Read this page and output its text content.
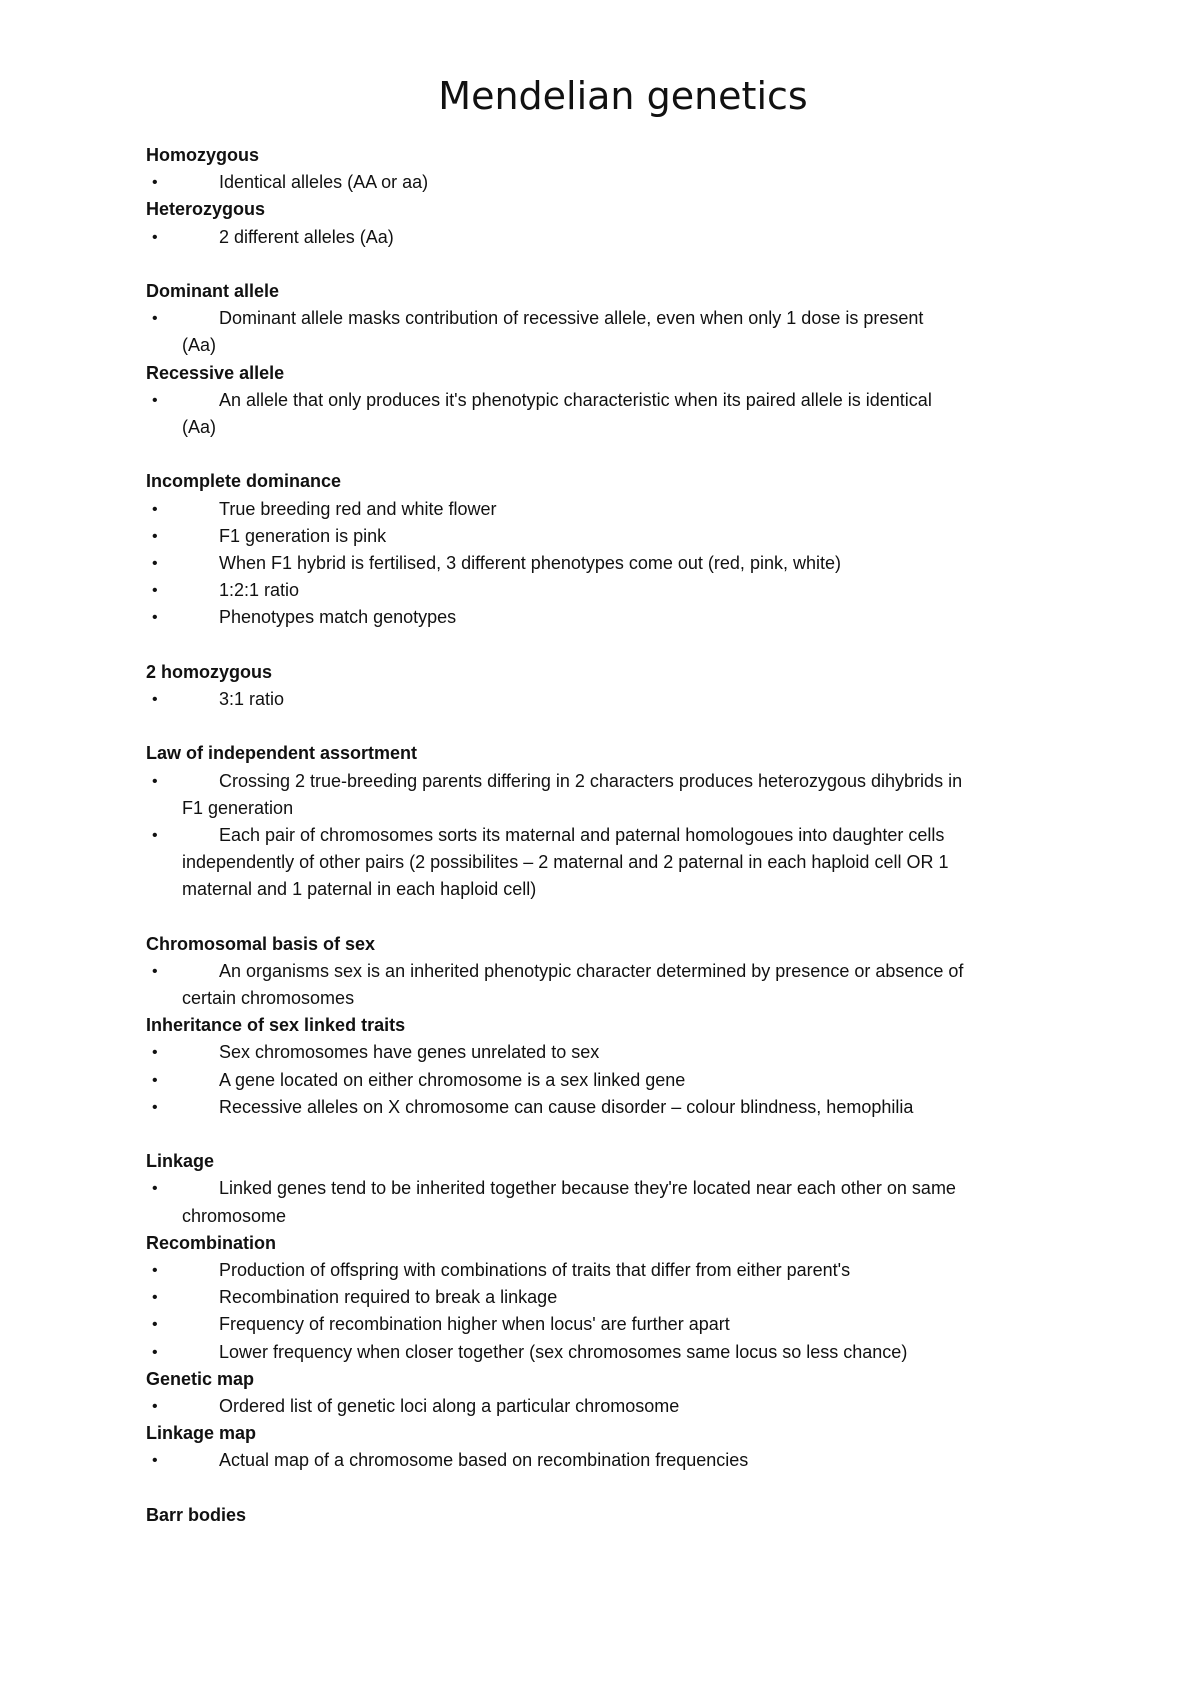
Mendelian genetics
Homozygous
•	Identical alleles (AA or aa)
Heterozygous
•	2 different alleles (Aa)
Dominant allele
•	Dominant allele masks contribution of recessive allele, even when only 1 dose is present
(Aa)
Recessive allele
•	An allele that only produces it's phenotypic characteristic when its paired allele is identical
(Aa)
Incomplete dominance
•	True breeding red and white flower
•	F1 generation is pink
•	When F1 hybrid is fertilised, 3 different phenotypes come out (red, pink, white)
•	1:2:1 ratio
•	Phenotypes match genotypes
2 homozygous
•	3:1 ratio
Law of independent assortment
•	Crossing 2 true-breeding parents differing in 2 characters produces heterozygous dihybrids in
F1 generation
•	Each pair of chromosomes sorts its maternal and paternal homologoues into daughter cells
independently of other pairs (2 possibilites – 2 maternal and 2 paternal in each haploid cell OR 1
maternal and 1 paternal in each haploid cell)
Chromosomal basis of sex
•	An organisms sex is an inherited phenotypic character determined by presence or absence of
certain chromosomes
Inheritance of sex linked traits
•	Sex chromosomes have genes unrelated to sex
•	A gene located on either chromosome is a sex linked gene
•	Recessive alleles on X chromosome can cause disorder – colour blindness, hemophilia
Linkage
•	Linked genes tend to be inherited together because they're located near each other on same
chromosome
Recombination
•	Production of offspring with combinations of traits that differ from either parent's
•	Recombination required to break a linkage
•	Frequency of recombination higher when locus' are further apart
•	Lower frequency when closer together (sex chromosomes same locus so less chance)
Genetic map
•	Ordered list of genetic loci along a particular chromosome
Linkage map
•	Actual map of a chromosome based on recombination frequencies
Barr bodies
